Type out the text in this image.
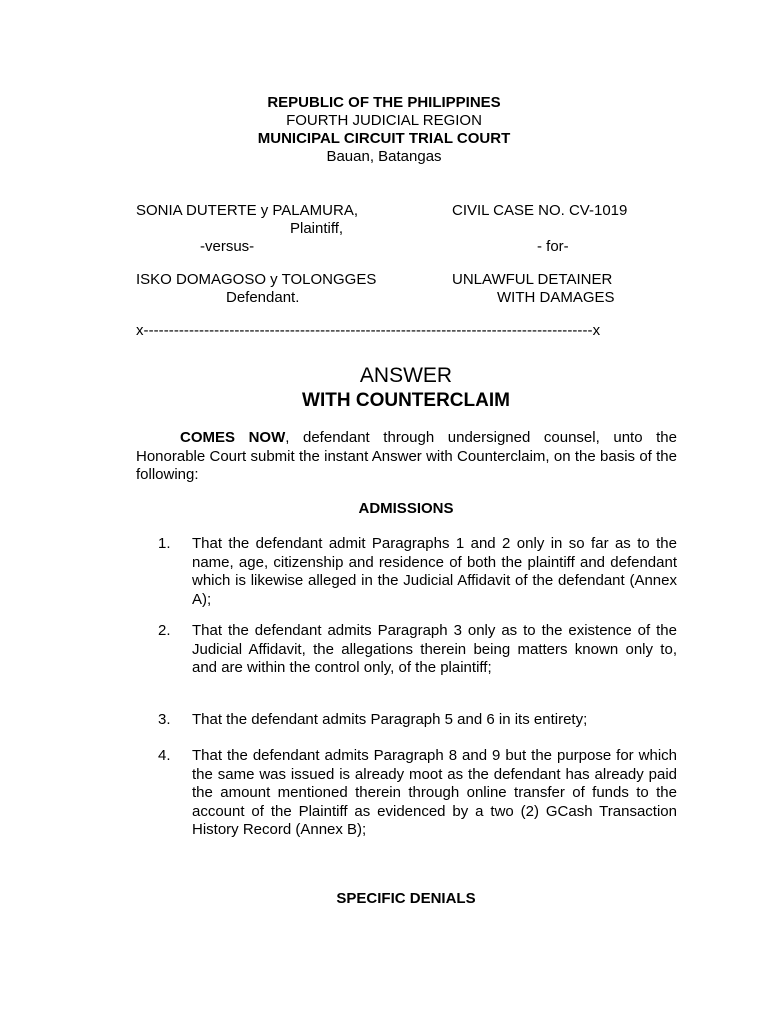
REPUBLIC OF THE PHILIPPINES
FOURTH JUDICIAL REGION
MUNICIPAL CIRCUIT TRIAL COURT
Bauan, Batangas
SONIA DUTERTE y PALAMURA,
Plaintiff,
-versus-
ISKO DOMAGOSO y TOLONGGES
Defendant.
CIVIL CASE NO. CV-1019
- for-
UNLAWFUL DETAINER
WITH DAMAGES
x-----------------------------------------------------------------------------------------x
ANSWER
WITH COUNTERCLAIM
COMES NOW, defendant through undersigned counsel, unto the Honorable Court submit the instant Answer with Counterclaim, on the basis of the following:
ADMISSIONS
1. That the defendant admit Paragraphs 1 and 2 only in so far as to the name, age, citizenship and residence of both the plaintiff and defendant which is likewise alleged in the Judicial Affidavit of the defendant (Annex A);
2. That the defendant admits Paragraph 3 only as to the existence of the Judicial Affidavit, the allegations therein being matters known only to, and are within the control only, of the plaintiff;
3. That the defendant admits Paragraph 5 and 6 in its entirety;
4. That the defendant admits Paragraph 8 and 9 but the purpose for which the same was issued is already moot as the defendant has already paid the amount mentioned therein through online transfer of funds to the account of the Plaintiff as evidenced by a two (2) GCash Transaction History Record (Annex B);
SPECIFIC DENIALS
